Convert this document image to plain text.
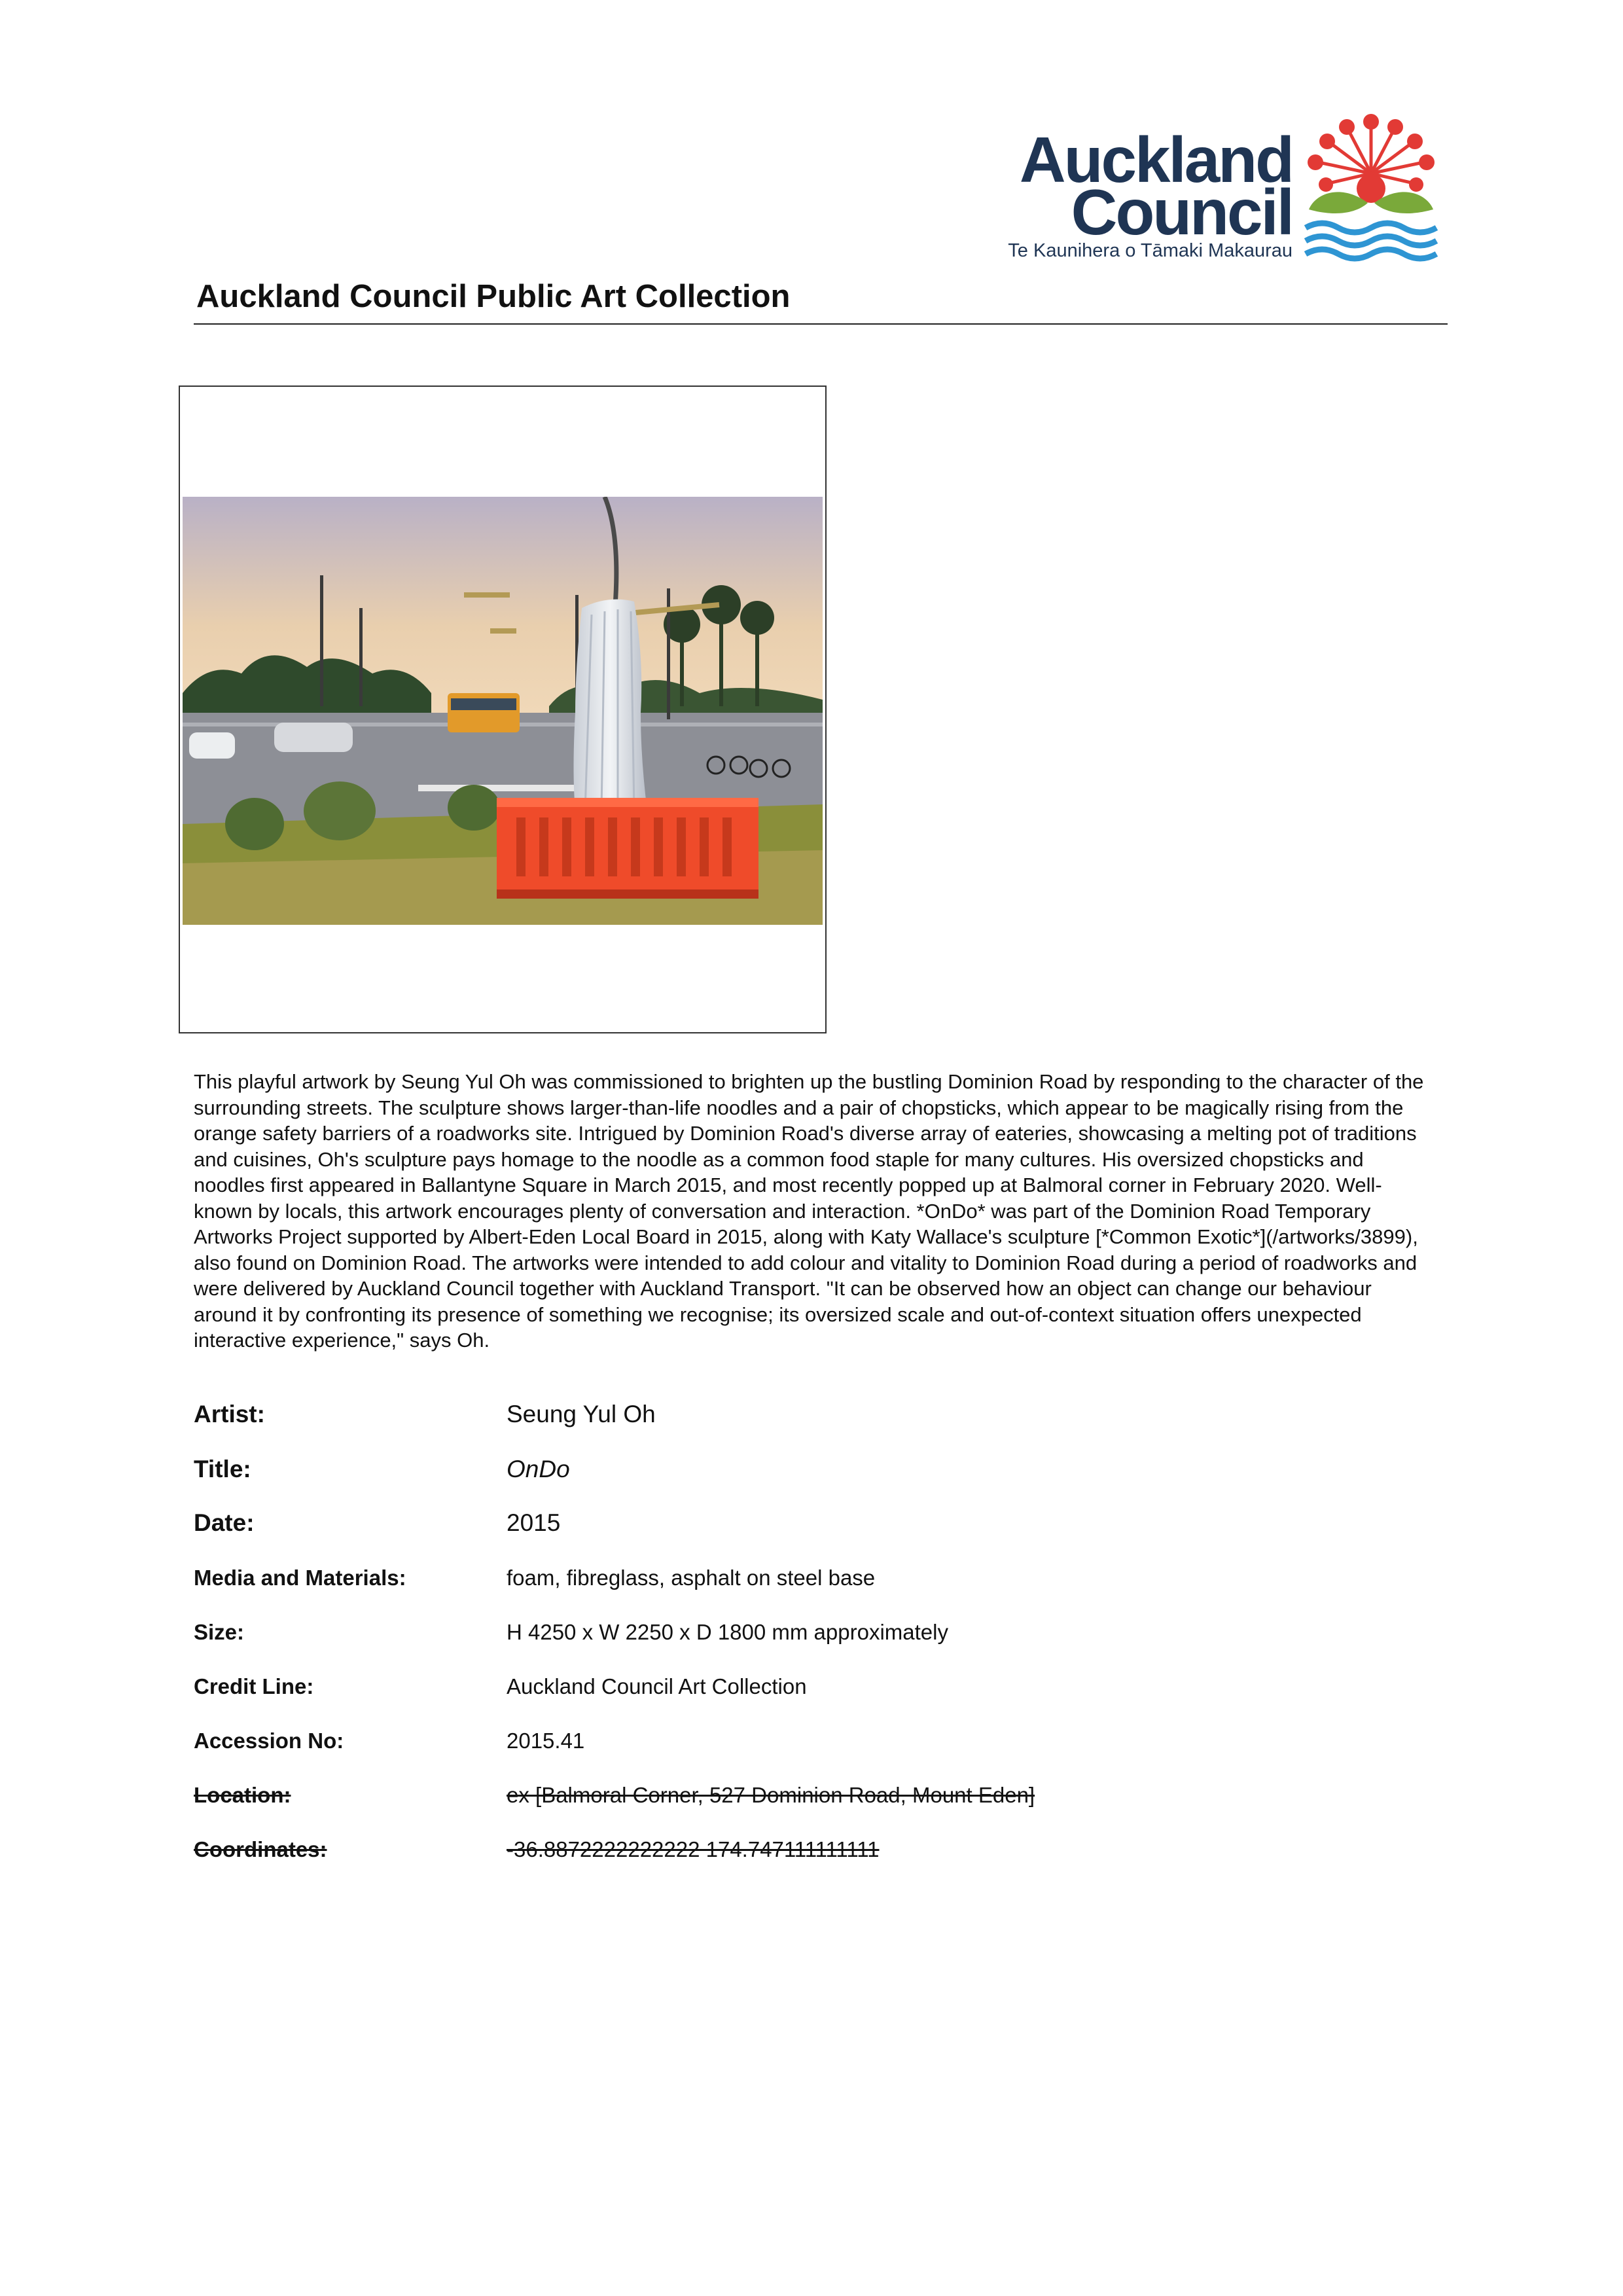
Auckland
Council
Te Kaunihera o Tāmaki Makaurau
Auckland Council Public Art Collection

This playful artwork by Seung Yul Oh was commissioned to brighten up the bustling Dominion Road by responding to the character of the surrounding streets. The sculpture shows larger-than-life noodles and a pair of chopsticks, which appear to be magically rising from the orange safety barriers of a roadworks site. Intrigued by Dominion Road's diverse array of eateries, showcasing a melting pot of traditions and cuisines, Oh's sculpture pays homage to the noodle as a common food staple for many cultures. His oversized chopsticks and noodles first appeared in Ballantyne Square in March 2015, and most recently popped up at Balmoral corner in February 2020. Well-known by locals, this artwork encourages plenty of conversation and interaction. *OnDo* was part of the Dominion Road Temporary Artworks Project supported by Albert-Eden Local Board in 2015, along with Katy Wallace's sculpture [*Common Exotic*](/artworks/3899), also found on Dominion Road. The artworks were intended to add colour and vitality to Dominion Road during a period of roadworks and were delivered by Auckland Council together with Auckland Transport. "It can be observed how an object can change our behaviour around it by confronting its presence of something we recognise; its oversized scale and out-of-context situation offers unexpected interactive experience," says Oh.

Artist:	Seung Yul Oh
Title:	OnDo
Date:	2015
Media and Materials:	foam, fibreglass, asphalt on steel base
Size:	H 4250 x W 2250 x D 1800 mm approximately
Credit Line:	Auckland Council Art Collection
Accession No:	2015.41
Location:	ex [Balmoral Corner, 527 Dominion Road, Mount Eden]
Coordinates:	-36.8872222222222 174.747111111111
